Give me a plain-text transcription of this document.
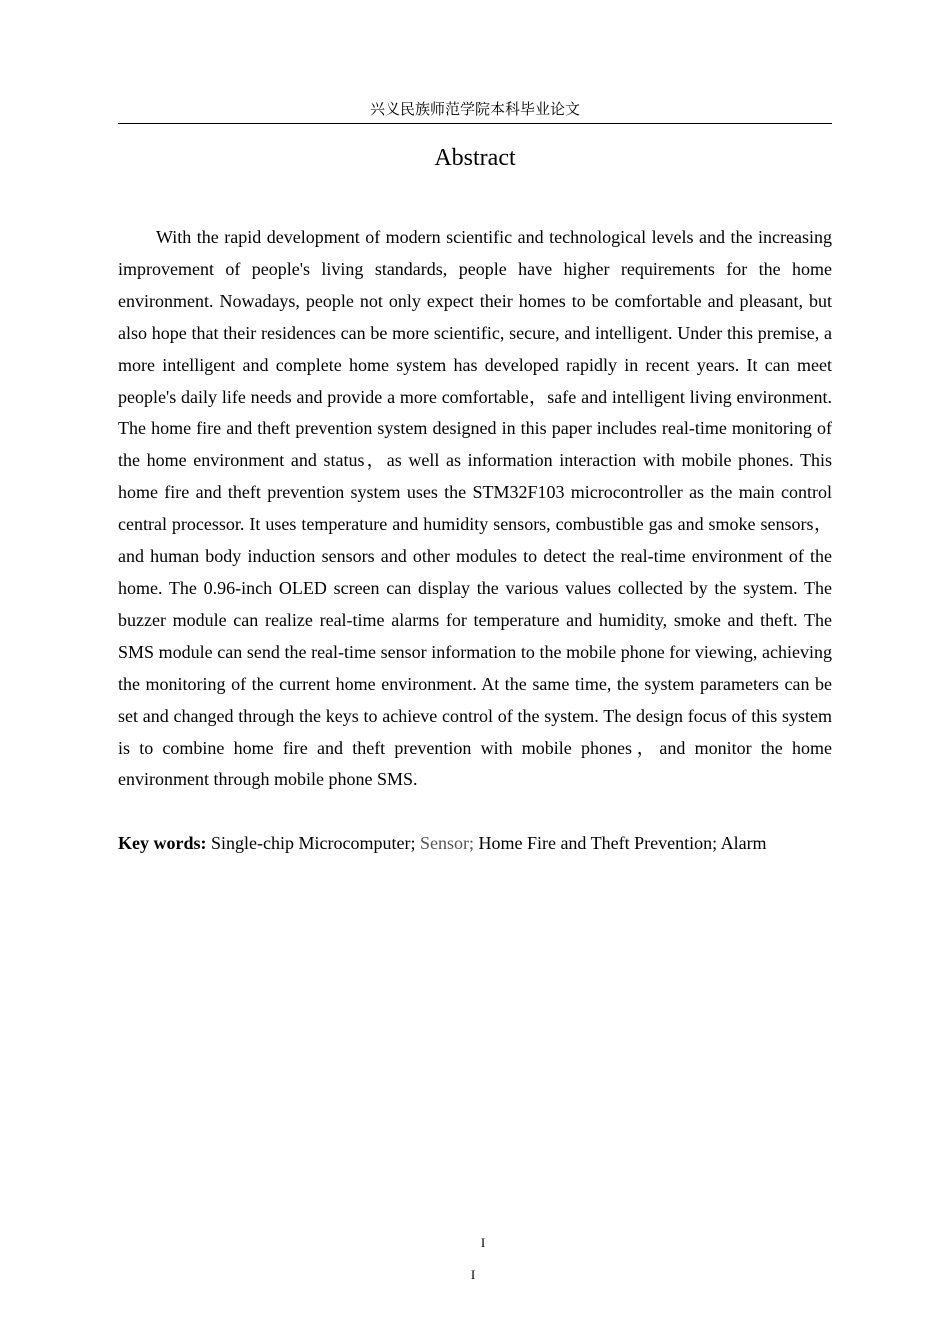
兴义民族师范学院本科毕业论文
Abstract

With the rapid development of modern scientific and technological levels and the increasing improvement of people's living standards, people have higher requirements for the home environment. Nowadays, people not only expect their homes to be comfortable and pleasant, but also hope that their residences can be more scientific, secure, and intelligent. Under this premise, a more intelligent and complete home system has developed rapidly in recent years. It can meet people's daily life needs and provide a more comfortable，safe and intelligent living environment. The home fire and theft prevention system designed in this paper includes real-time monitoring of the home environment and status，as well as information interaction with mobile phones. This home fire and theft prevention system uses the STM32F103 microcontroller as the main control central processor. It uses temperature and humidity sensors, combustible gas and smoke sensors，and human body induction sensors and other modules to detect the real-time environment of the home. The 0.96-inch OLED screen can display the various values collected by the system. The buzzer module can realize real-time alarms for temperature and humidity, smoke and theft. The SMS module can send the real-time sensor information to the mobile phone for viewing, achieving the monitoring of the current home environment. At the same time, the system parameters can be set and changed through the keys to achieve control of the system. The design focus of this system is to combine home fire and theft prevention with mobile phones，and monitor the home environment through mobile phone SMS.

Key words: Single-chip Microcomputer; Sensor; Home Fire and Theft Prevention; Alarm

I
I
